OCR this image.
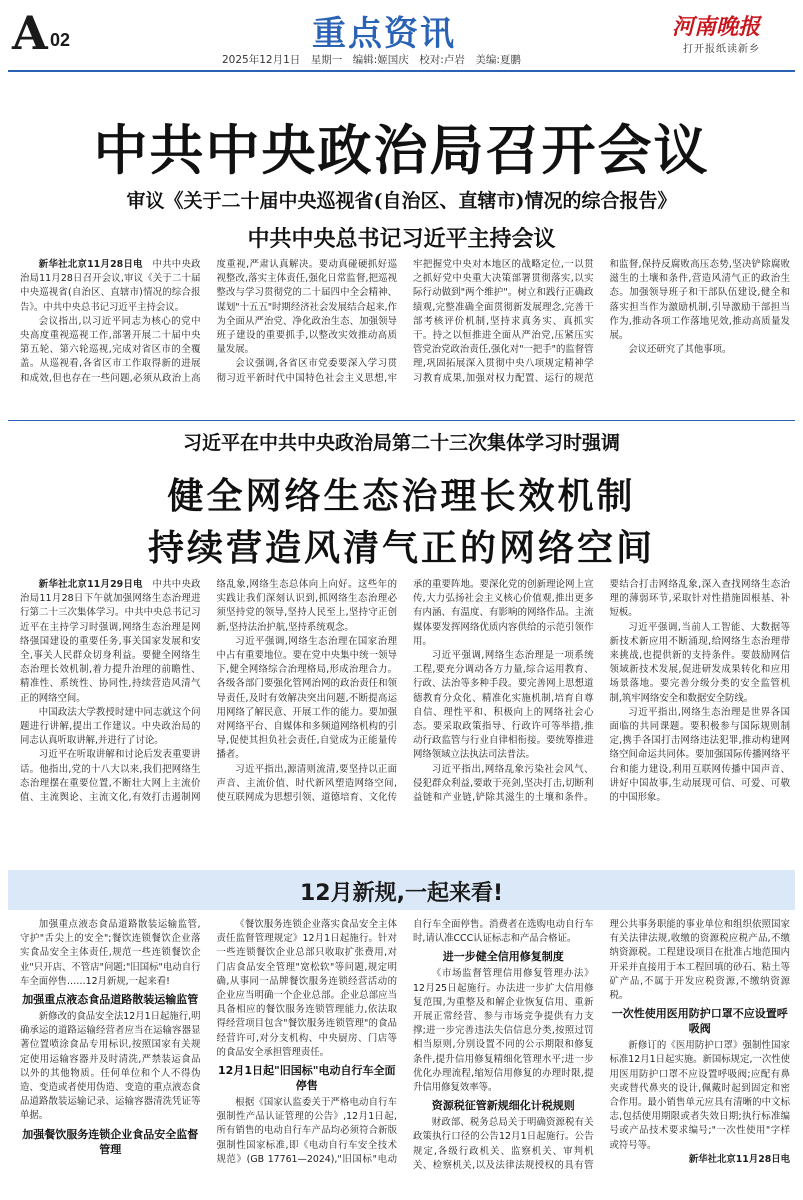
A 02	重点资讯	河南晚报
打开报纸读新乡
2025年12月1日　星期一　编辑:姬国庆　校对:卢岩　美编:夏鹏
中共中央政治局召开会议
审议《关于二十届中央巡视省(自治区、直辖市)情况的综合报告》
中共中央总书记习近平主持会议

新华社北京11月28日电　 中共中央政治局11月28日召开会议,审议《关于二十届中央巡视省(自治区、直辖市)情况的综合报告》。中共中央总书记习近平主持会议。

会议指出,以习近平同志为核心的党中央高度重视巡视工作,部署开展二十届中央第五轮、第六轮巡视,完成对省区市的全覆盖。从巡视看,各省区市工作取得新的进展和成效,但也存在一些问题,必须从政治上高度重视,严肃认真解决。要动真碰硬抓好巡视整改,落实主体责任,强化日常监督,把巡视整改与学习贯彻党的二十届四中全会精神、谋划"十五五"时期经济社会发展结合起来,作为全面从严治党、净化政治生态、加强领导班子建设的重要抓手,以整改实效推动高质量发展。

会议强调,各省区市党委要深入学习贯彻习近平新时代中国特色社会主义思想,牢牢把握党中央对本地区的战略定位,一以贯之抓好党中央重大决策部署贯彻落实,以实际行动做到"两个维护"。树立和践行正确政绩观,完整准确全面贯彻新发展理念,完善干部考核评价机制,坚持求真务实、真抓实干。持之以恒推进全面从严治党,压紧压实管党治党政治责任,强化对"一把手"的监督管理,巩固拓展深入贯彻中央八项规定精神学习教育成果,加强对权力配置、运行的规范和监督,保持反腐败高压态势,坚决铲除腐败滋生的土壤和条件,营造风清气正的政治生态。加强领导班子和干部队伍建设,健全和落实担当作为激励机制,引导激励干部担当作为,推动各项工作落地见效,推动高质量发展。

会议还研究了其他事项。

习近平在中共中央政治局第二十三次集体学习时强调
健全网络生态治理长效机制
持续营造风清气正的网络空间

新华社北京11月29日电　 中共中央政治局11月28日下午就加强网络生态治理进行第二十三次集体学习。中共中央总书记习近平在主持学习时强调,网络生态治理是网络强国建设的重要任务,事关国家发展和安全,事关人民群众切身利益。要健全网络生态治理长效机制,着力提升治理的前瞻性、精准性、系统性、协同性,持续营造风清气正的网络空间。

中国政法大学教授时建中同志就这个问题进行讲解,提出工作建议。中央政治局的同志认真听取讲解,并进行了讨论。

习近平在听取讲解和讨论后发表重要讲话。他指出,党的十八大以来,我们把网络生态治理摆在重要位置,不断壮大网上主流价值、主流舆论、主流文化,有效打击遏制网络乱象,网络生态总体向上向好。这些年的实践让我们深刻认识到,抓网络生态治理必须坚持党的领导,坚持人民至上,坚持守正创新,坚持法治护航,坚持系统观念。

习近平强调,网络生态治理在国家治理中占有重要地位。要在党中央集中统一领导下,健全网络综合治理格局,形成治理合力。各级各部门要强化管网治网的政治责任和领导责任,及时有效解决突出问题,不断提高运用网络了解民意、开展工作的能力。要加强对网络平台、自媒体和多频道网络机构的引导,促使其担负社会责任,自觉成为正能量传播者。

习近平指出,源清则流清,要坚持以正面声音、主流价值、时代新风塑造网络空间,使互联网成为思想引领、道德培育、文化传承的重要阵地。要深化党的创新理论网上宣传,大力弘扬社会主义核心价值观,推出更多有内涵、有温度、有影响的网络作品。主流媒体要发挥网络优质内容供给的示范引领作用。

习近平强调,网络生态治理是一项系统工程,要充分调动各方力量,综合运用教育、行政、法治等多种手段。要完善网上思想道德教育分众化、精准化实施机制,培育自尊自信、理性平和、积极向上的网络社会心态。要采取政策指导、行政许可等举措,推动行政监管与行业自律相衔接。要统筹推进网络领域立法执法司法普法。

习近平指出,网络乱象污染社会风气、侵犯群众利益,要敢于亮剑,坚决打击,切断利益链和产业链,铲除其滋生的土壤和条件。要结合打击网络乱象,深入查找网络生态治理的薄弱环节,采取针对性措施固根基、补短板。

习近平强调,当前人工智能、大数据等新技术新应用不断涌现,给网络生态治理带来挑战,也提供新的支持条件。要鼓励网信领域新技术发展,促进研发成果转化和应用场景落地。要完善分级分类的安全监管机制,筑牢网络安全和数据安全防线。

习近平指出,网络生态治理是世界各国面临的共同课题。要积极参与国际规则制定,携手各国打击网络违法犯罪,推动构建网络空间命运共同体。要加强国际传播网络平台和能力建设,利用互联网传播中国声音、讲好中国故事,生动展现可信、可爱、可敬的中国形象。

12月新规,一起来看!

加强重点液态食品道路散装运输监管,守护"舌尖上的安全";餐饮连锁餐饮企业落实食品安全主体责任,规范一些连锁餐饮企业"只开店、不管店"问题;"旧国标"电动自行车全面停售……12月新规,一起来看!

加强重点液态食品道路散装运输监管

新修改的食品安全法12月1日起施行,明确承运的道路运输经营者应当在运输容器显著位置喷涂食品专用标识,按照国家有关规定使用运输容器并及时清洗,严禁装运食品以外的其他物质。任何单位和个人不得伪造、变造或者使用伪造、变造的重点液态食品道路散装运输记录、运输容器清洗凭证等单据。

加强餐饮服务连锁企业食品安全监督管理

《餐饮服务连锁企业落实食品安全主体责任监督管理规定》12月1日起施行。针对一些连锁餐饮企业总部只收取扩张费用,对门店食品安全管理"宽松软"等问题,规定明确,从事同一品牌餐饮服务连锁经营活动的企业应当明确一个企业总部。企业总部应当具备相应的餐饮服务连锁管理能力,依法取得经营项目包含"餐饮服务连锁管理"的食品经营许可,对分支机构、中央厨房、门店等的食品安全承担管理责任。

12月1日起"旧国标"电动自行车全面停售

根据《国家认监委关于严格电动自行车强制性产品认证管理的公告》,12月1日起,所有销售的电动自行车产品均必须符合新版强制性国家标准,即《电动自行车安全技术规范》(GB 17761—2024),"旧国标"电动自行车全面停售。消费者在选购电动自行车时,请认准CCC认证标志和产品合格证。

进一步健全信用修复制度

《市场监督管理信用修复管理办法》12月25日起施行。办法进一步扩大信用修复范围,为重整及和解企业恢复信用、重新开展正常经营、参与市场竞争提供有力支撑;进一步完善违法失信信息分类,按照过罚相当原则,分别设置不同的公示期限和修复条件,提升信用修复精细化管理水平;进一步优化办理流程,缩短信用修复的办理时限,提升信用修复效率等。

资源税征管新规细化计税规则

财政部、税务总局关于明确资源税有关政策执行口径的公告12月1日起施行。公告规定,各级行政机关、监察机关、审判机关、检察机关,以及法律法规授权的具有管理公共事务职能的事业单位和组织依照国家有关法律法规,收缴的资源税应税产品,不缴纳资源税。工程建设项目在批准占地范围内开采并直接用于本工程回填的砂石、粘土等矿产品,不属于开发应税资源,不缴纳资源税。

一次性使用医用防护口罩不应设置呼吸阀

新修订的《医用防护口罩》强制性国家标准12月1日起实施。新国标规定,一次性使用医用防护口罩不应设置呼吸阀;应配有鼻夹或替代鼻夹的设计,佩戴时起到固定和密合作用。最小销售单元应具有清晰的中文标志,包括使用期限或者失效日期;执行标准编号或产品技术要求编号;"一次性使用"字样或符号等。

新华社北京11月28日电
